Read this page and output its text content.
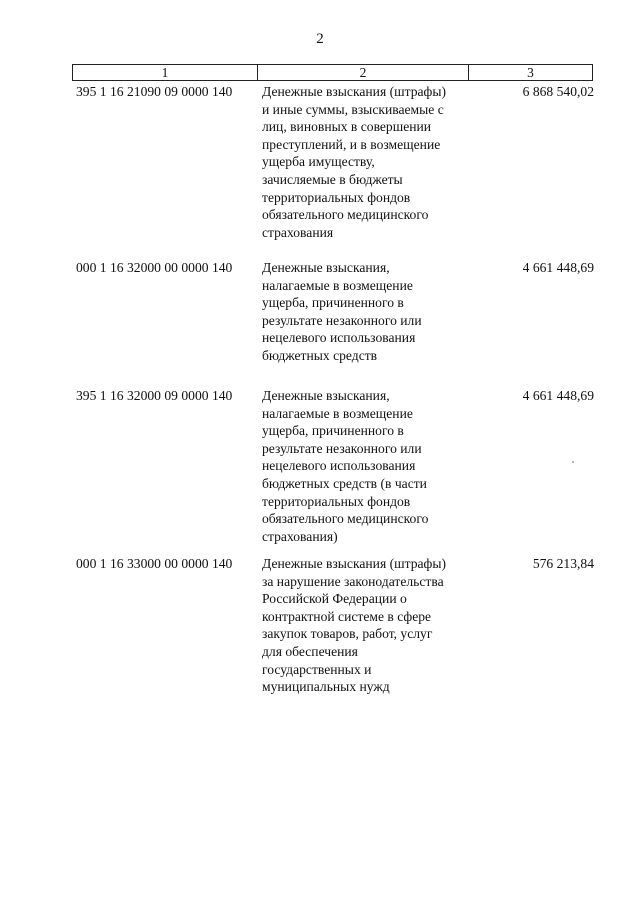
2
1	2	3
395 1 16 21090 09 0000 140 Денежные взыскания (штрафы)
и иные суммы, взыскиваемые с
лиц, виновных в совершении
преступлений, и в возмещение
ущерба имуществу,
зачисляемые в бюджеты
территориальных фондов
обязательного медицинского
страхования
6 868 540,02
000 1 16 32000 00 0000 140 Денежные взыскания,
налагаемые в возмещение
ущерба, причиненного в
результате незаконного или
нецелевого использования
бюджетных средств
4 661 448,69
395 1 16 32000 09 0000 140 Денежные взыскания,
налагаемые в возмещение
ущерба, причиненного в
результате незаконного или
нецелевого использования
бюджетных средств (в части
территориальных фондов
обязательного медицинского
страхования)
4 661 448,69
000 1 16 33000 00 0000 140 Денежные взыскания (штрафы)
за нарушение законодательства
Российской Федерации о
контрактной системе в сфере
закупок товаров, работ, услуг
для обеспечения
государственных и
муниципальных нужд
576 213,84
